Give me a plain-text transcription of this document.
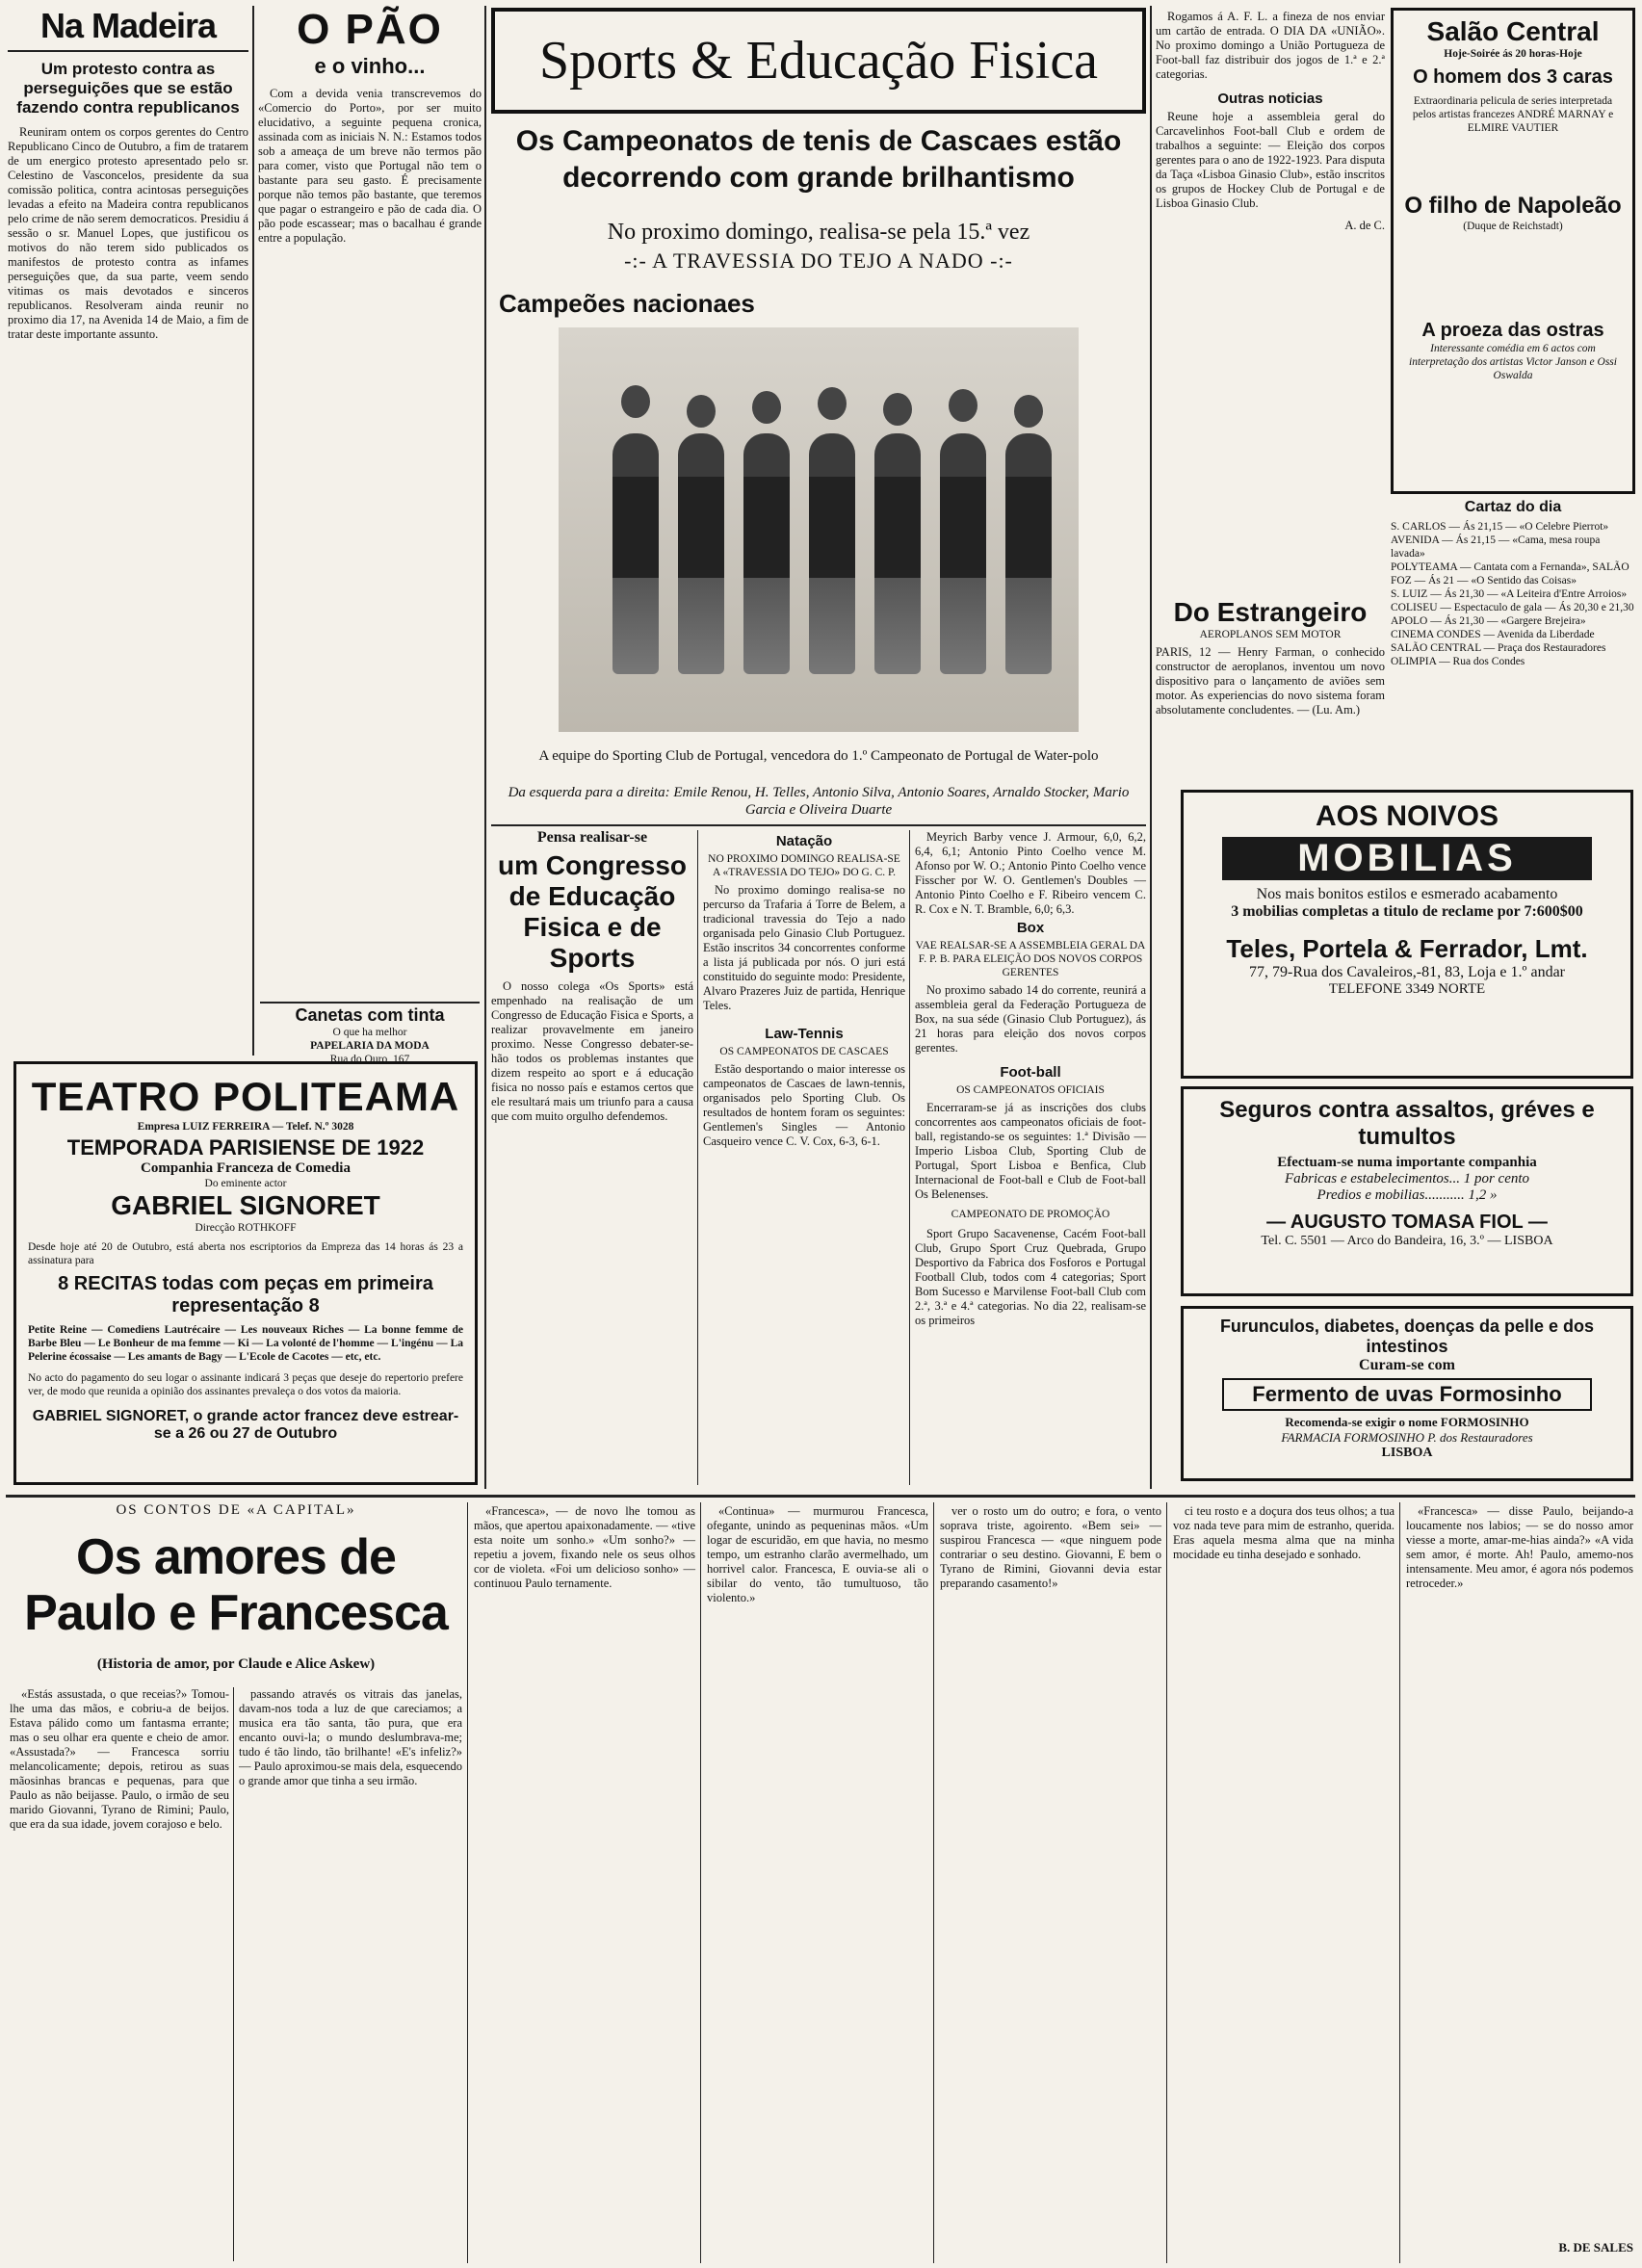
Na Madeira
Um protesto contra as perseguições que se estão fazendo contra republicanos

Reuniram ontem os corpos gerentes do Centro Republicano Cinco de Outubro, a fim de tratarem de um energico protesto apresentado pelo sr. Celestino de Vasconcelos, presidente da sua comissão politica, contra acintosas perseguições levadas a efeito na Madeira contra republicanos pelo crime de não serem democraticos. Presidiu á sessão o sr. Manuel Lopes, que justificou os motivos do não terem sido publicados os manifestos de protesto contra as infames perseguições que, da sua parte, veem sendo vitimas os mais devotados e sinceros republicanos. Resolveram ainda reunir no proximo dia 17, na Avenida 14 de Maio, a fim de tratar deste importante assunto.

O PÃO
e o vinho...

Com a devida venia transcrevemos do «Comercio do Porto», por ser muito elucidativo, a seguinte pequena cronica, assinada com as iniciais N. N.: Estamos todos sob a ameaça de um breve não termos pão para comer, visto que Portugal não tem o bastante para seu gasto. É precisamente porque não temos pão bastante, que teremos que pagar o estrangeiro e pão de cada dia. O pão pode escassear; mas o bacalhau é grande entre a população.

Canetas com tinta
O que ha melhor
PAPELARIA DA MODA
Rua do Ouro, 167
TEATRO POLITEAMA
Empresa LUIZ FERREIRA — Telef. N.º 3028
TEMPORADA PARISIENSE DE 1922
Companhia Franceza de Comedia
Do eminente actor
GABRIEL SIGNORET
Direcção ROTHKOFF
Desde hoje até 20 de Outubro, está aberta nos escriptorios da Empreza das 14 horas ás 23 a assinatura para
8 RECITAS todas com peças em primeira representação 8
Petite Reine — Comediens Lautrécaire — Les nouveaux Riches — La bonne femme de Barbe Bleu — Le Bonheur de ma femme — Ki — La volonté de l'homme — L'ingénu — La Pelerine écossaise — Les amants de Bagy — L'Ecole de Cacotes — etc, etc.
No acto do pagamento do seu logar o assinante indicará 3 peças que deseje do repertorio prefere ver, de modo que reunida a opinião dos assinantes prevaleça o dos votos da maioria.
GABRIEL SIGNORET, o grande actor francez deve estrear-se a 26 ou 27 de Outubro
Sports & Educação Fisica
Os Campeonatos de tenis de Cascaes estão decorrendo com grande brilhantismo
No proximo domingo, realisa-se pela 15.ª vez
-:- A TRAVESSIA DO TEJO A NADO -:-
Campeões nacionaes
A equipe do Sporting Club de Portugal, vencedora do 1.º Campeonato de Portugal de Water-polo
Da esquerda para a direita: Emile Renou, H. Telles, Antonio Silva, Antonio Soares, Arnaldo Stocker, Mario Garcia e Oliveira Duarte
Pensa realisar-se
um Congresso de Educação Fisica e de Sports

O nosso colega «Os Sports» está empenhado na realisação de um Congresso de Educação Fisica e Sports, a realizar provavelmente em janeiro proximo. Nesse Congresso debater-se-hão todos os problemas instantes que dizem respeito ao sport e á educação fisica no nosso país e estamos certos que ele resultará mais um triunfo para a causa que com muito orgulho defendemos.

Natação
NO PROXIMO DOMINGO REALISA-SE A «TRAVESSIA DO TEJO» DO G. C. P.

No proximo domingo realisa-se no percurso da Trafaria á Torre de Belem, a tradicional travessia do Tejo a nado organisada pelo Ginasio Club Portuguez. Estão inscritos 34 concorrentes conforme a lista já publicada por nós. O juri está constituido do seguinte modo: Presidente, Alvaro Prazeres Juiz de partida, Henrique Teles.

Law-Tennis
OS CAMPEONATOS DE CASCAES

Estão desportando o maior interesse os campeonatos de Cascaes de lawn-tennis, organisados pelo Sporting Club. Os resultados de hontem foram os seguintes: Gentlemen's Singles — Antonio Casqueiro vence C. V. Cox, 6-3, 6-1.

Meyrich Barby vence J. Armour, 6,0, 6,2, 6,4, 6,1; Antonio Pinto Coelho vence M. Afonso por W. O.; Antonio Pinto Coelho vence Fisscher por W. O. Gentlemen's Doubles — Antonio Pinto Coelho e F. Ribeiro vencem C. R. Cox e N. T. Bramble, 6,0; 6,3.

Box
VAE REALSAR-SE A ASSEMBLEIA GERAL DA F. P. B. PARA ELEIÇÃO DOS NOVOS CORPOS GERENTES

No proximo sabado 14 do corrente, reunirá a assembleia geral da Federação Portugueza de Box, na sua séde (Ginasio Club Portuguez), ás 21 horas para eleição dos novos corpos gerentes.

Foot-ball
OS CAMPEONATOS OFICIAIS

Encerraram-se já as inscrições dos clubs concorrentes aos campeonatos oficiais de foot-ball, registando-se os seguintes: 1.ª Divisão — Imperio Lisboa Club, Sporting Club de Portugal, Sport Lisboa e Benfica, Club Internacional de Foot-ball e Club de Foot-ball Os Belenenses.

CAMPEONATO DE PROMOÇÃO

Sport Grupo Sacavenense, Cacém Foot-ball Club, Grupo Sport Cruz Quebrada, Grupo Desportivo da Fabrica dos Fosforos e Portugal Football Club, todos com 4 categorias; Sport Bom Sucesso e Marvilense Foot-ball Club com 2.ª, 3.ª e 4.ª categorias. No dia 22, realisam-se os primeiros

Rogamos á A. F. L. a fineza de nos enviar um cartão de entrada. O DIA DA «UNIÃO». No proximo domingo a União Portugueza de Foot-ball faz distribuir dos jogos de 1.ª e 2.ª categorias.

Outras noticias

Reune hoje a assembleia geral do Carcavelinhos Foot-ball Club e ordem de trabalhos a seguinte: — Eleição dos corpos gerentes para o ano de 1922-1923. Para disputa da Taça «Lisboa Ginasio Club», estão inscritos os grupos de Hockey Club de Portugal e de Lisboa Ginasio Club.

A. de C.
Do Estrangeiro
AEROPLANOS SEM MOTOR
PARIS, 12 — Henry Farman, o conhecido constructor de aeroplanos, inventou um novo dispositivo para o lançamento de aviões sem motor. As experiencias do novo sistema foram absolutamente concludentes. — (Lu. Am.)
Salão Central
Hoje-Soirée ás 20 horas-Hoje
O homem dos 3 caras
Extraordinaria pelicula de series interpretada pelos artistas francezes ANDRÉ MARNAY e ELMIRE VAUTIER
O filho de Napoleão
(Duque de Reichstadt)
A proeza das ostras
Interessante comédia em 6 actos com interpretação dos artistas Victor Janson e Ossi Oswalda
Cartaz do dia
S. CARLOS — Ás 21,15 — «O Celebre Pierrot»
AVENIDA — Ás 21,15 — «Cama, mesa roupa lavada»
POLYTEAMA — Cantata com a Fernanda», SALÃO FOZ — Ás 21 — «O Sentido das Coisas»
S. LUIZ — Ás 21,30 — «A Leiteira d'Entre Arroios»
COLISEU — Espectaculo de gala — Ás 20,30 e 21,30
APOLO — Ás 21,30 — «Gargere Brejeira»
CINEMA CONDES — Avenida da Liberdade
SALÃO CENTRAL — Praça dos Restauradores
OLIMPIA — Rua dos Condes
AOS NOIVOS
MOBILIAS
Nos mais bonitos estilos e esmerado acabamento
3 mobilias completas a titulo de reclame por 7:600$00
Teles, Portela & Ferrador, Lmt.
77, 79-Rua dos Cavaleiros,-81, 83, Loja e 1.º andar
TELEFONE 3349 NORTE
Seguros contra assaltos, gréves e tumultos
Efectuam-se numa importante companhia
Fabricas e estabelecimentos... 1 por cento
Predios e mobilias........... 1,2 »
— AUGUSTO TOMASA FIOL —
Tel. C. 5501 — Arco do Bandeira, 16, 3.º — LISBOA
Furunculos, diabetes, doenças da pelle e dos intestinos
Curam-se com
Fermento de uvas Formosinho
Recomenda-se exigir o nome FORMOSINHO
FARMACIA FORMOSINHO P. dos Restauradores
LISBOA
OS CONTOS DE «A CAPITAL»
Os amores de Paulo e Francesca
(Historia de amor, por Claude e Alice Askew)

«Estás assustada, o que receias?» Tomou-lhe uma das mãos, e cobriu-a de beijos. Estava pálido como um fantasma errante; mas o seu olhar era quente e cheio de amor. «Assustada?» — Francesca sorriu melancolicamente; depois, retirou as suas mãosinhas brancas e pequenas, para que Paulo as não beijasse. Paulo, o irmão de seu marido Giovanni, Tyrano de Rimini; Paulo, que era da sua idade, jovem corajoso e belo.

passando através os vitrais das janelas, davam-nos toda a luz de que careciamos; a musica era tão santa, tão pura, que era encanto ouvi-la; o mundo deslumbrava-me; tudo é tão lindo, tão brilhante! «E's infeliz?» — Paulo aproximou-se mais dela, esquecendo o grande amor que tinha a seu irmão.

«Francesca», — de novo lhe tomou as mãos, que apertou apaixonadamente. — «tive esta noite um sonho.» «Um sonho?» — repetiu a jovem, fixando nele os seus olhos cor de violeta. «Foi um delicioso sonho» — continuou Paulo ternamente.

«Continua» — murmurou Francesca, ofegante, unindo as pequeninas mãos. «Um logar de escuridão, em que havia, no mesmo tempo, um estranho clarão avermelhado, um horrivel calor. Francesca, E ouvia-se ali o sibilar do vento, tão tumultuoso, tão violento.»

ver o rosto um do outro; e fora, o vento soprava triste, agoirento. «Bem sei» — suspirou Francesca — «que ninguem pode contrariar o seu destino. Giovanni, E bem o Tyrano de Rimini, Giovanni devia estar preparando casamento!»

ci teu rosto e a doçura dos teus olhos; a tua voz nada teve para mim de estranho, querida. Eras aquela mesma alma que na minha mocidade eu tinha desejado e sonhado.

«Francesca» — disse Paulo, beijando-a loucamente nos labios; — se do nosso amor viesse a morte, amar-me-hias ainda?» «A vida sem amor, é morte. Ah! Paulo, amemo-nos intensamente. Meu amor, é agora nós podemos retroceder.»

B. DE SALES
